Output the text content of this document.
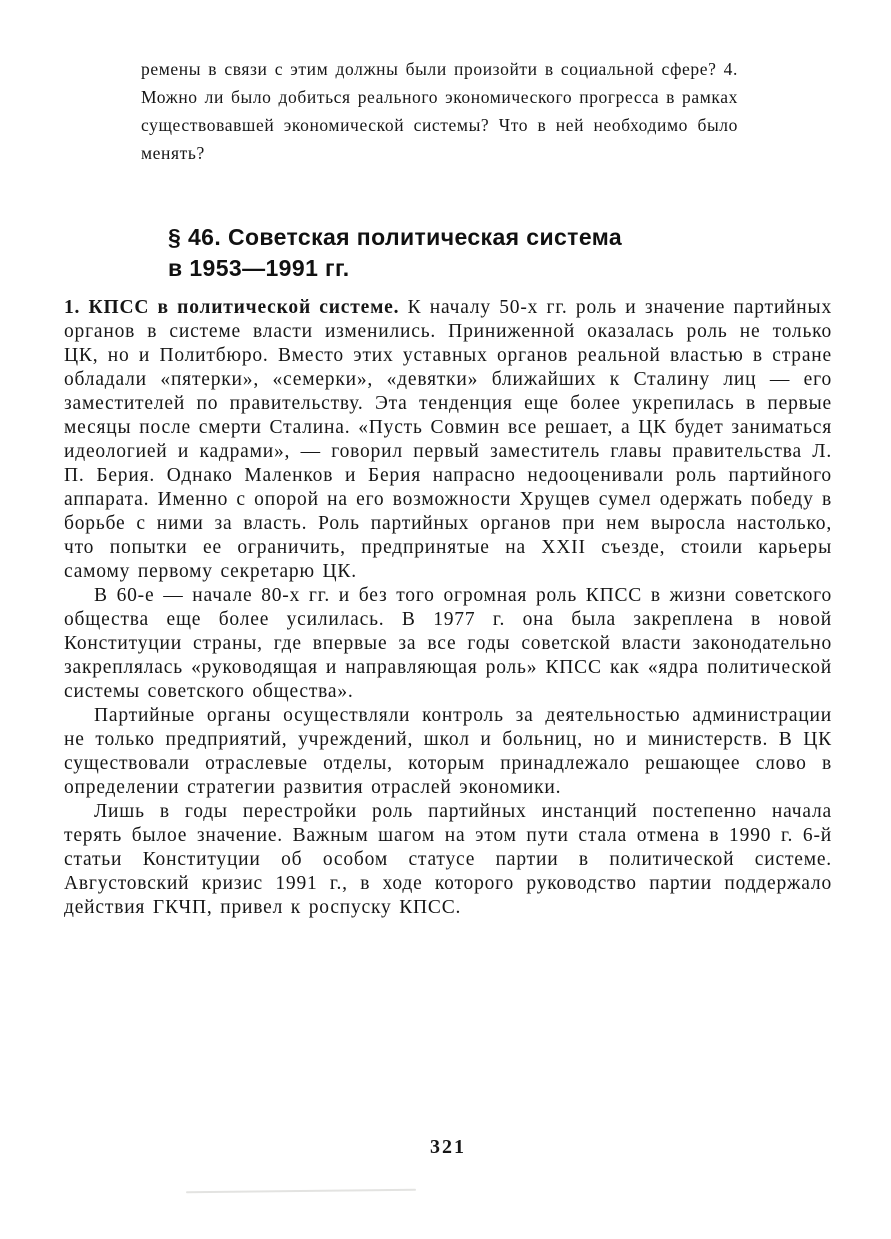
ремены в связи с этим должны были произойти в социальной сфере? 4. Можно ли было добиться реального экономического прогресса в рамках существовавшей экономической системы? Что в ней необходимо было менять?

§ 46. Советская политическая система
в 1953—1991 гг.

1. КПСС в политической системе. К началу 50-х гг. роль и значение партийных органов в системе власти изменились. Приниженной оказалась роль не только ЦК, но и Политбюро. Вместо этих уставных органов реальной властью в стране обладали «пятерки», «семерки», «девятки» ближайших к Сталину лиц — его заместителей по правительству. Эта тенденция еще более укрепилась в первые месяцы после смерти Сталина. «Пусть Совмин все решает, а ЦК будет заниматься идеологией и кадрами», — говорил первый заместитель главы правительства Л. П. Берия. Однако Маленков и Берия напрасно недооценивали роль партийного аппарата. Именно с опорой на его возможности Хрущев сумел одержать победу в борьбе с ними за власть. Роль партийных органов при нем выросла настолько, что попытки ее ограничить, предпринятые на XXII съезде, стоили карьеры самому первому секретарю ЦК.

В 60-е — начале 80-х гг. и без того огромная роль КПСС в жизни советского общества еще более усилилась. В 1977 г. она была закреплена в новой Конституции страны, где впервые за все годы советской власти законодательно закреплялась «руководящая и направляющая роль» КПСС как «ядра политической системы советского общества».

Партийные органы осуществляли контроль за деятельностью администрации не только предприятий, учреждений, школ и больниц, но и министерств. В ЦК существовали отраслевые отделы, которым принадлежало решающее слово в определении стратегии развития отраслей экономики.

Лишь в годы перестройки роль партийных инстанций постепенно начала терять былое значение. Важным шагом на этом пути стала отмена в 1990 г. 6-й статьи Конституции об особом статусе партии в политической системе. Августовский кризис 1991 г., в ходе которого руководство партии поддержало действия ГКЧП, привел к роспуску КПСС.

321
